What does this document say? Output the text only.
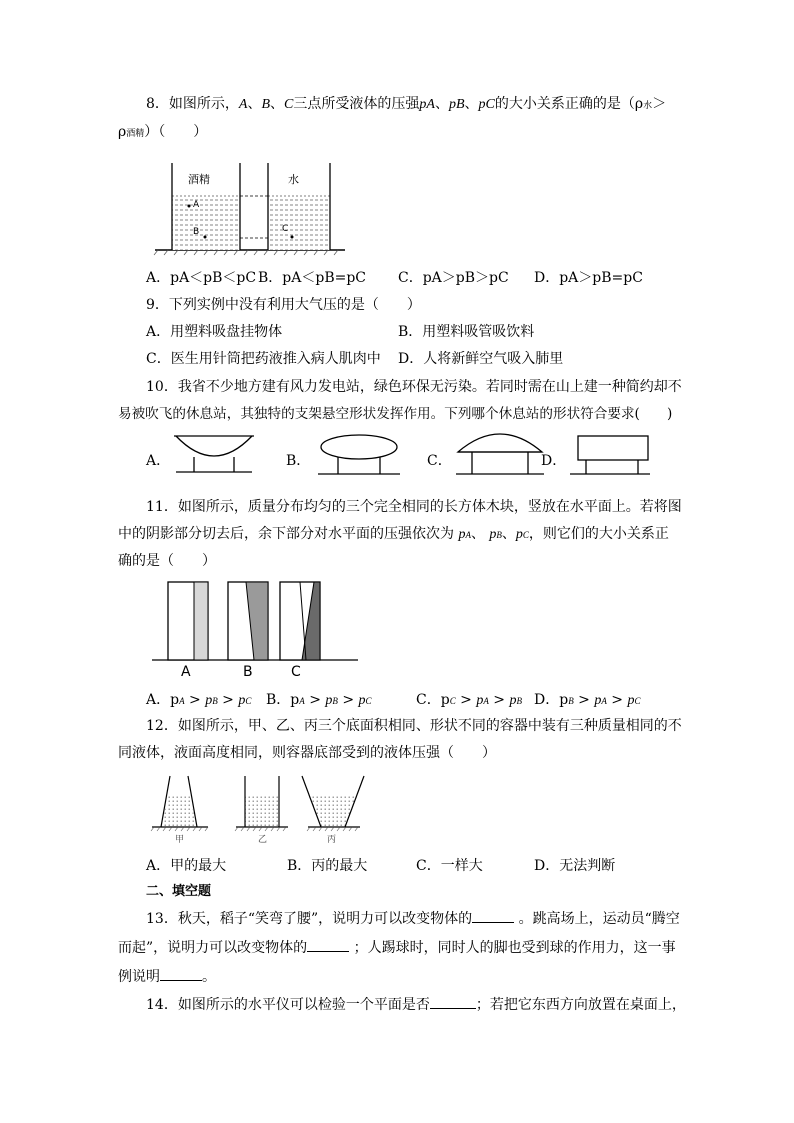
8．如图所示，A、B、C三点所受液体的压强pA、pB、pC的大小关系正确的是（ρ水＞
ρ酒精）（　　）
酒精	水
A
B	C
A．pA＜pB＜pC B．pA＜pB=pC C．pA＞pB＞pC D．pA＞pB=pC
9．下列实例中没有利用大气压的是（　　）
A．用塑料吸盘挂物体	B．用塑料吸管吸饮料
C．医生用针筒把药液推入病人肌肉中 D．人将新鲜空气吸入肺里
10．我省不少地方建有风力发电站，绿色环保无污染。若同时需在山上建一种简约却不
易被吹飞的休息站，其独特的支架悬空形状发挥作用。下列哪个休息站的形状符合要求(　　)
A．	B．	C．	D．
11．如图所示，质量分布均匀的三个完全相同的长方体木块，竖放在水平面上。若将图
中的阴影部分切去后，余下部分对水平面的压强依次为 pA、 pB、pC，则它们的大小关系正
确的是（　　）
A	B	C
A．pA > pB > pC B．pA > pB > pC	C．pC > pA > pB D．pB > pA > pC
12．如图所示，甲、乙、丙三个底面积相同、形状不同的容器中装有三种质量相同的不
同液体，液面高度相同，则容器底部受到的液体压强（　　）
甲	乙	丙
A．甲的最大	B．丙的最大	C．一样大	D．无法判断
二、填空题
13．秋天，稻子“笑弯了腰”，说明力可以改变物体的	。跳高场上，运动员“腾空
而起”，说明力可以改变物体的	；人踢球时，同时人的脚也受到球的作用力，这一事
例说明	。
14．如图所示的水平仪可以检验一个平面是否	；若把它东西方向放置在桌面上，
